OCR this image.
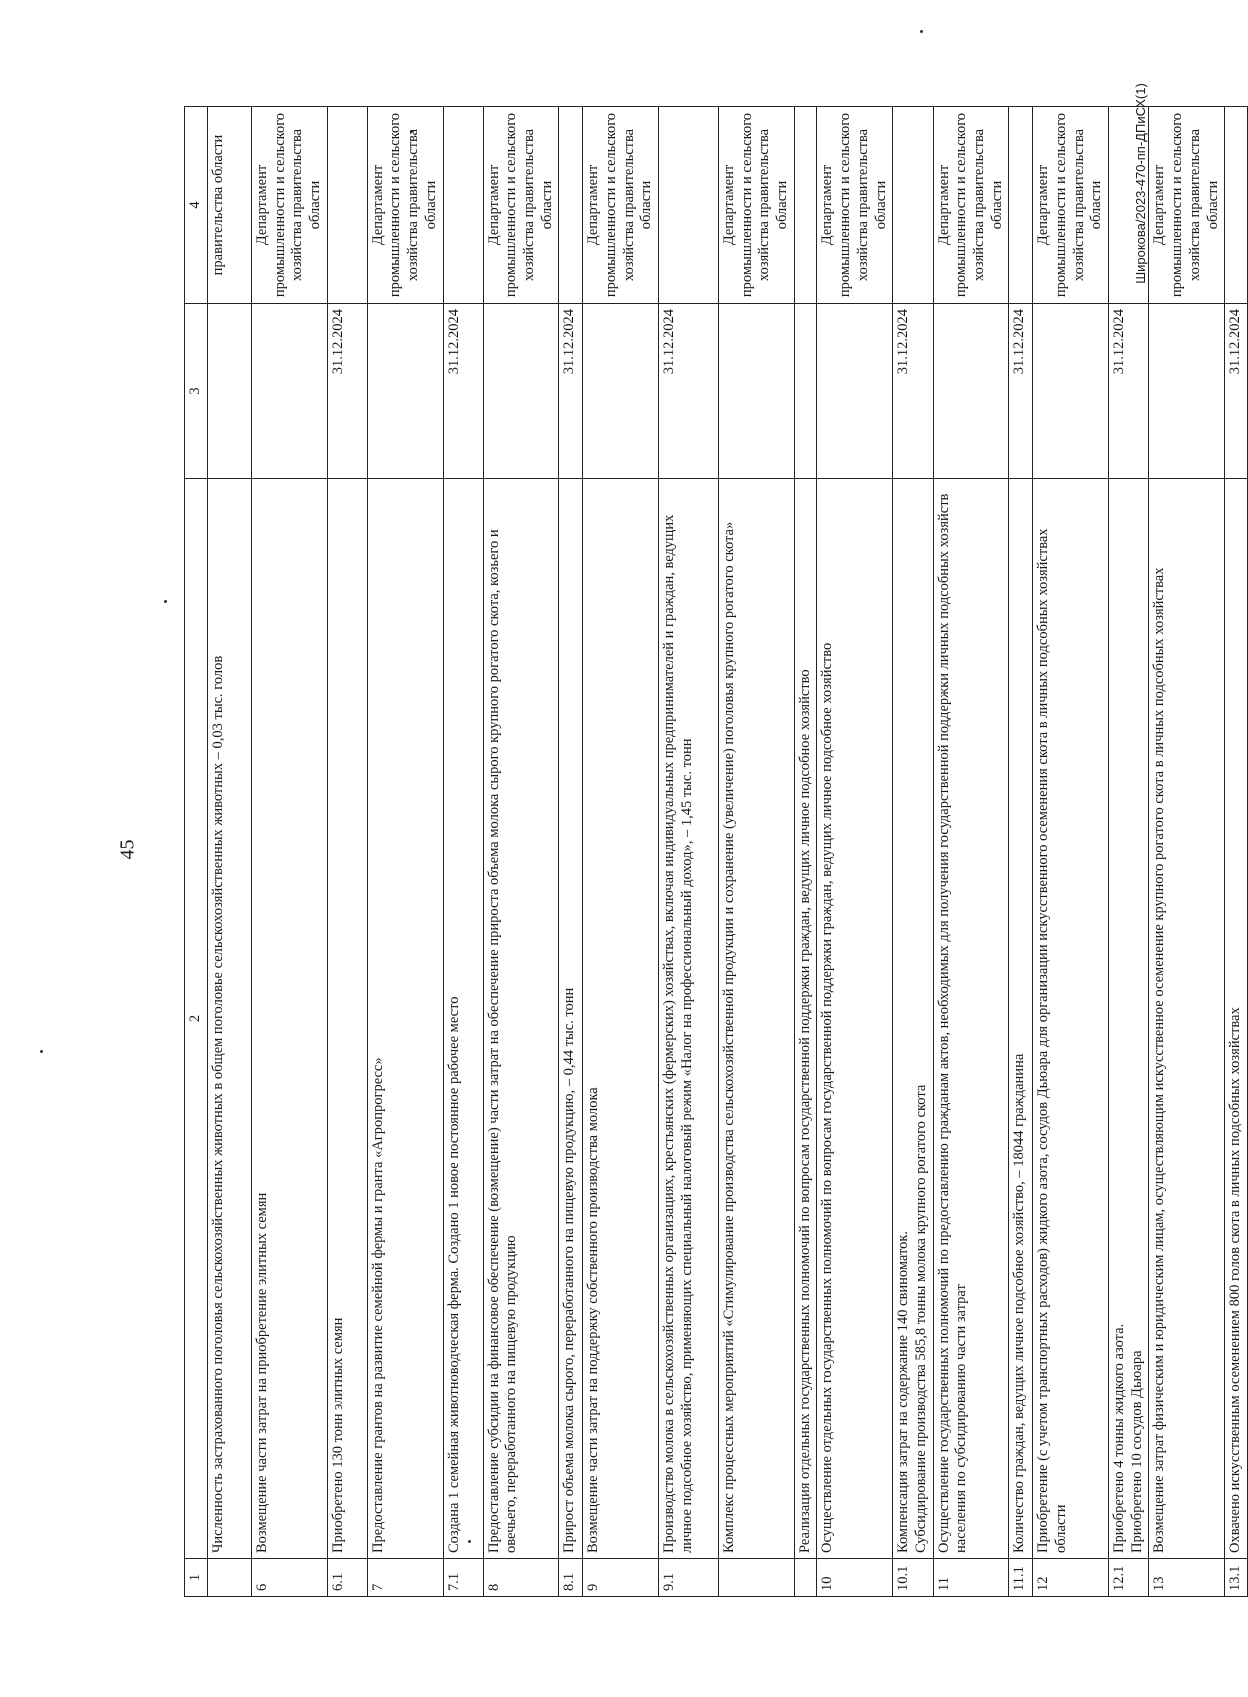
45
Широкова/2023-470-пп-ДПиСХ(1)
1	2	3	4
	Численность застрахованного поголовья сельскохозяйственных животных в общем поголовье сельскохозяйственных животных – 0,03 тыс. голов		правительства области
6	Возмещение части затрат на приобретение элитных семян		Департамент промышленности и сельского хозяйства правительства области
6.1	Приобретено 130 тонн элитных семян	31.12.2024	
7	Предоставление грантов на развитие семейной фермы и гранта «Агропрогресс»		Департамент промышленности и сельского хозяйства правительства области
7.1	Создана 1 семейная животноводческая ферма. Создано 1 новое постоянное рабочее место	31.12.2024	
8	Предоставление субсидии на финансовое обеспечение (возмещение) части затрат на обеспечение прироста объема молока сырого крупного рогатого скота, козьего и овечьего, переработанного на пищевую продукцию		Департамент промышленности и сельского хозяйства правительства области
8.1	Прирост объема молока сырого, переработанного на пищевую продукцию, – 0,44 тыс. тонн	31.12.2024	
9	Возмещение части затрат на поддержку собственного производства молока		Департамент промышленности и сельского хозяйства правительства области
9.1	Производство молока в сельскохозяйственных организациях, крестьянских (фермерских) хозяйствах, включая индивидуальных предпринимателей и граждан, ведущих личное подсобное хозяйство, применяющих специальный налоговый режим «Налог на профессиональный доход», – 1,45 тыс. тонн	31.12.2024	
	Комплекс процессных мероприятий «Стимулирование производства сельскохозяйственной продукции и сохранение (увеличение) поголовья крупного рогатого скота»		Департамент промышленности и сельского хозяйства правительства области
	Реализация отдельных государственных полномочий по вопросам государственной поддержки граждан, ведущих личное подсобное хозяйство		
10	Осуществление отдельных государственных полномочий по вопросам государственной поддержки граждан, ведущих личное подсобное хозяйство		Департамент промышленности и сельского хозяйства правительства области
10.1	Компенсация затрат на содержание 140 свиноматок.
Субсидирование производства 585,8 тонны молока крупного рогатого скота	31.12.2024	
11	Осуществление государственных полномочий по предоставлению гражданам актов, необходимых для получения государственной поддержки личных подсобных хозяйств населения по субсидированию части затрат		Департамент промышленности и сельского хозяйства правительства области
11.1	Количество граждан, ведущих личное подсобное хозяйство, – 18044 гражданина	31.12.2024	
12	Приобретение (с учетом транспортных расходов) жидкого азота, сосудов Дьюара для организации искусственного осеменения скота в личных подсобных хозяйствах области		Департамент промышленности и сельского хозяйства правительства области
12.1	Приобретено 4 тонны жидкого азота.
Приобретено 10 сосудов Дьюара	31.12.2024	
13	Возмещение затрат физическим и юридическим лицам, осуществляющим искусственное осеменение крупного рогатого скота в личных подсобных хозяйствах		Департамент промышленности и сельского хозяйства правительства области
13.1	Охвачено искусственным осеменением 800 голов скота в личных подсобных хозяйствах	31.12.2024	
